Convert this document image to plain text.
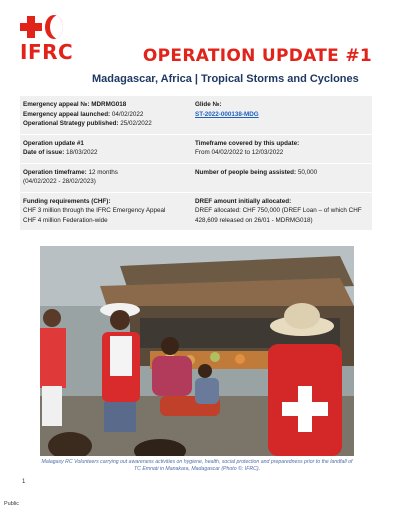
IFRC	OPERATION UPDATE #1
Madagascar, Africa | Tropical Storms and Cyclones
Emergency appeal №: MDRMG018
Emergency appeal launched: 04/02/2022
Operational Strategy published: 25/02/2022
Glide №:
ST-2022-000138-MDG
Operation update #1
Date of issue: 18/03/2022
Timeframe covered by this update:
From 04/02/2022 to 12/03/2022
Operation timeframe: 12 months
(04/02/2022 - 28/02/2023)
Number of people being assisted: 50,000
Funding requirements (CHF):
CHF 3 million through the IFRC Emergency Appeal
CHF 4 million Federation-wide
DREF amount initially allocated:
DREF allocated: CHF 750,000 (DREF Loan – of which CHF 428,609 released on 26/01 - MDRMG018)
Malagasy RC Volunteers carrying out awareness activities on hygiene, health, social protection and preparedness prior to the landfall of TC Emnati in Manakara, Madagascar (Photo ©: IFRC).
1
Public
